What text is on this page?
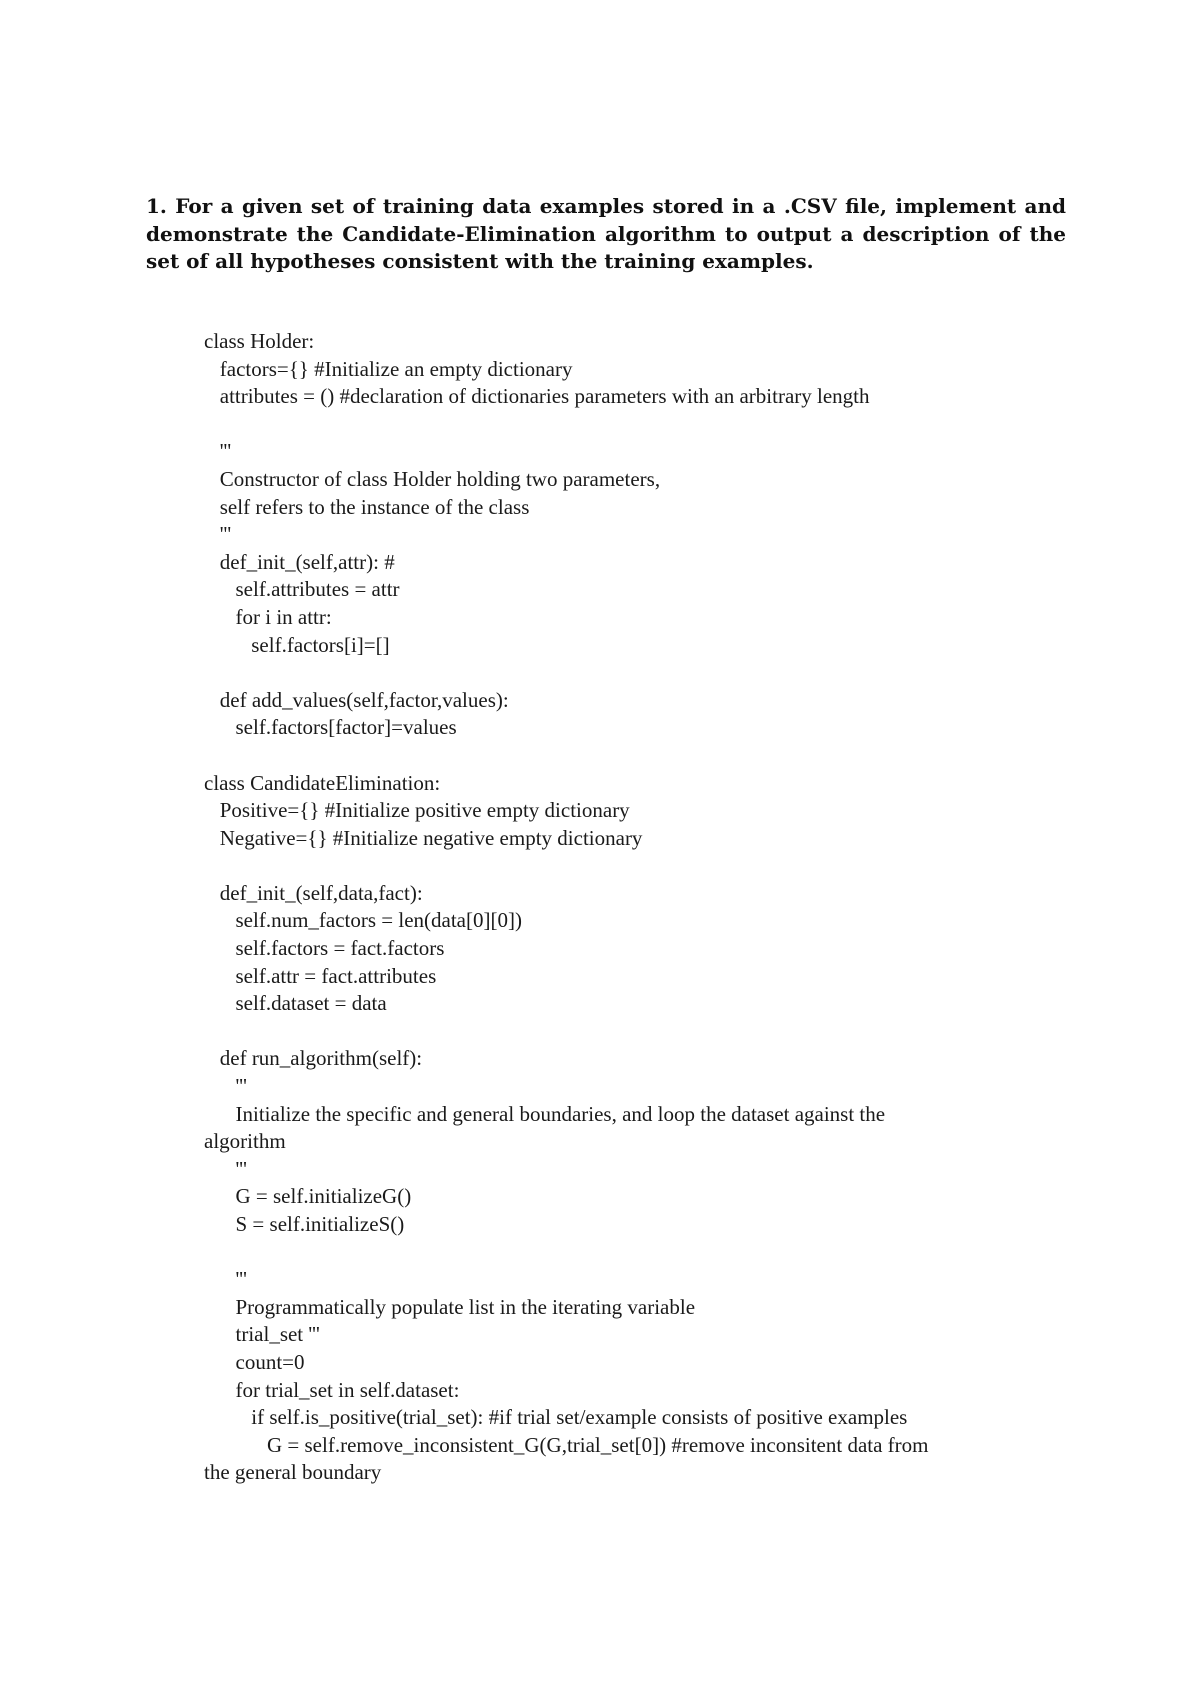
1. For a given set of training data examples stored in a .CSV file, implement and demonstrate the Candidate-Elimination algorithm to output a description of the set of all hypotheses consistent with the training examples.

class Holder:
factors={} #Initialize an empty dictionary
attributes = () #declaration of dictionaries parameters with an arbitrary length
'''
Constructor of class Holder holding two parameters,
self refers to the instance of the class
'''
def_init_(self,attr): #
self.attributes = attr
for i in attr:
self.factors[i]=[]
def add_values(self,factor,values):
self.factors[factor]=values
class CandidateElimination:
Positive={} #Initialize positive empty dictionary
Negative={} #Initialize negative empty dictionary
def_init_(self,data,fact):
self.num_factors = len(data[0][0])
self.factors = fact.factors
self.attr = fact.attributes
self.dataset = data
def run_algorithm(self):
'''
Initialize the specific and general boundaries, and loop the dataset against the
algorithm
'''
G = self.initializeG()
S = self.initializeS()
'''
Programmatically populate list in the iterating variable
trial_set '''
count=0
for trial_set in self.dataset:
if self.is_positive(trial_set): #if trial set/example consists of positive examples
G = self.remove_inconsistent_G(G,trial_set[0]) #remove inconsitent data from
the general boundary
